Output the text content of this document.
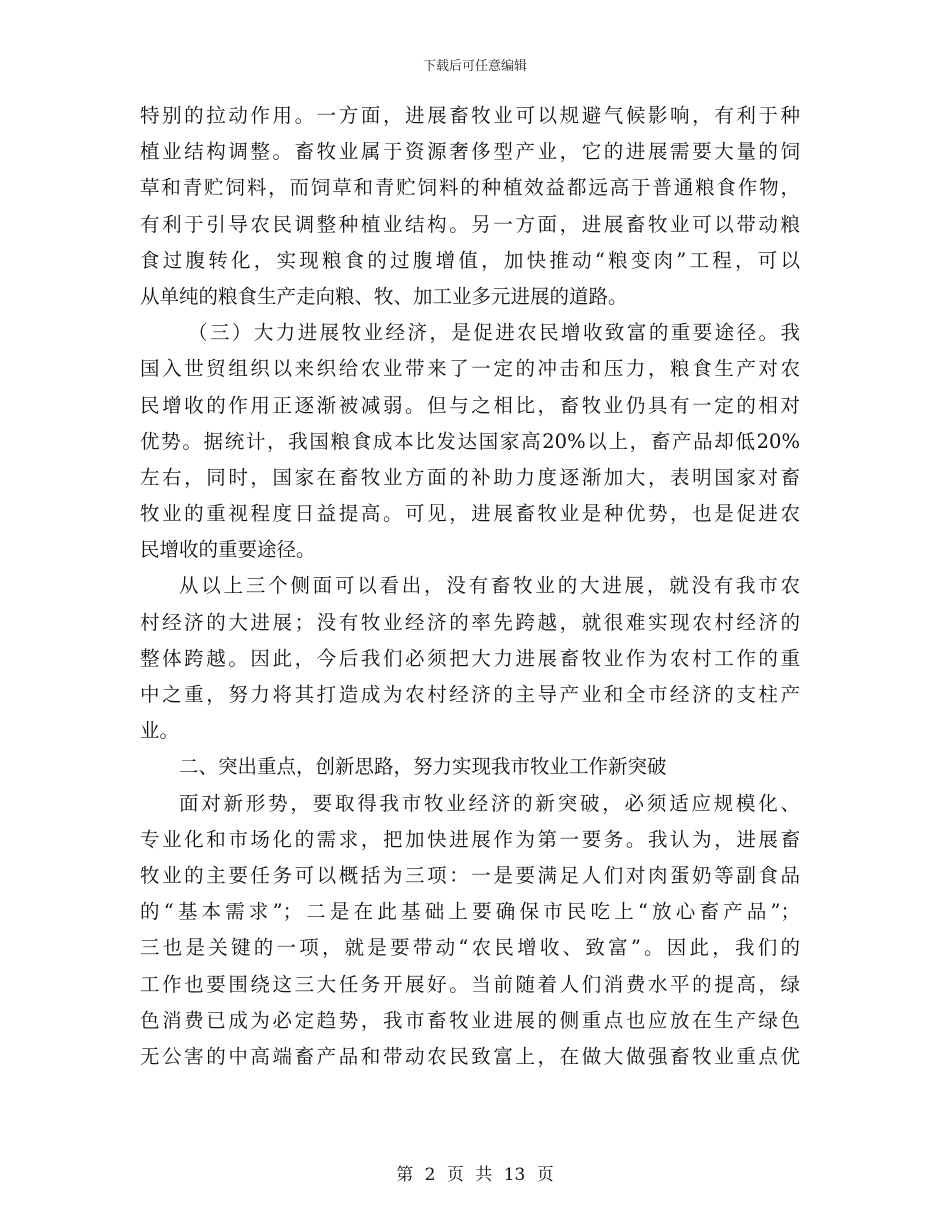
下载后可任意编辑
特别的拉动作用。一方面，进展畜牧业可以规避气候影响，有利于种
植业结构调整。畜牧业属于资源奢侈型产业，它的进展需要大量的饲
草和青贮饲料，而饲草和青贮饲料的种植效益都远高于普通粮食作物，
有利于引导农民调整种植业结构。另一方面，进展畜牧业可以带动粮
食过腹转化，实现粮食的过腹增值，加快推动“粮变肉”工程，可以
从单纯的粮食生产走向粮、牧、加工业多元进展的道路。
（三）大力进展牧业经济，是促进农民增收致富的重要途径。我
国入世贸组织以来织给农业带来了一定的冲击和压力，粮食生产对农
民增收的作用正逐渐被减弱。但与之相比，畜牧业仍具有一定的相对
优势。据统计，我国粮食成本比发达国家高20%以上，畜产品却低20%
左右，同时，国家在畜牧业方面的补助力度逐渐加大，表明国家对畜
牧业的重视程度日益提高。可见，进展畜牧业是种优势，也是促进农
民增收的重要途径。
从以上三个侧面可以看出，没有畜牧业的大进展，就没有我市农
村经济的大进展；没有牧业经济的率先跨越，就很难实现农村经济的
整体跨越。因此，今后我们必须把大力进展畜牧业作为农村工作的重
中之重，努力将其打造成为农村经济的主导产业和全市经济的支柱产
业。
二、突出重点，创新思路，努力实现我市牧业工作新突破
面对新形势，要取得我市牧业经济的新突破，必须适应规模化、
专业化和市场化的需求，把加快进展作为第一要务。我认为，进展畜
牧业的主要任务可以概括为三项：一是要满足人们对肉蛋奶等副食品
的“基本需求”；二是在此基础上要确保市民吃上“放心畜产品”；
三也是关键的一项，就是要带动“农民增收、致富”。因此，我们的
工作也要围绕这三大任务开展好。当前随着人们消费水平的提高，绿
色消费已成为必定趋势，我市畜牧业进展的侧重点也应放在生产绿色
无公害的中高端畜产品和带动农民致富上，在做大做强畜牧业重点优
第 2 页 共 13 页
